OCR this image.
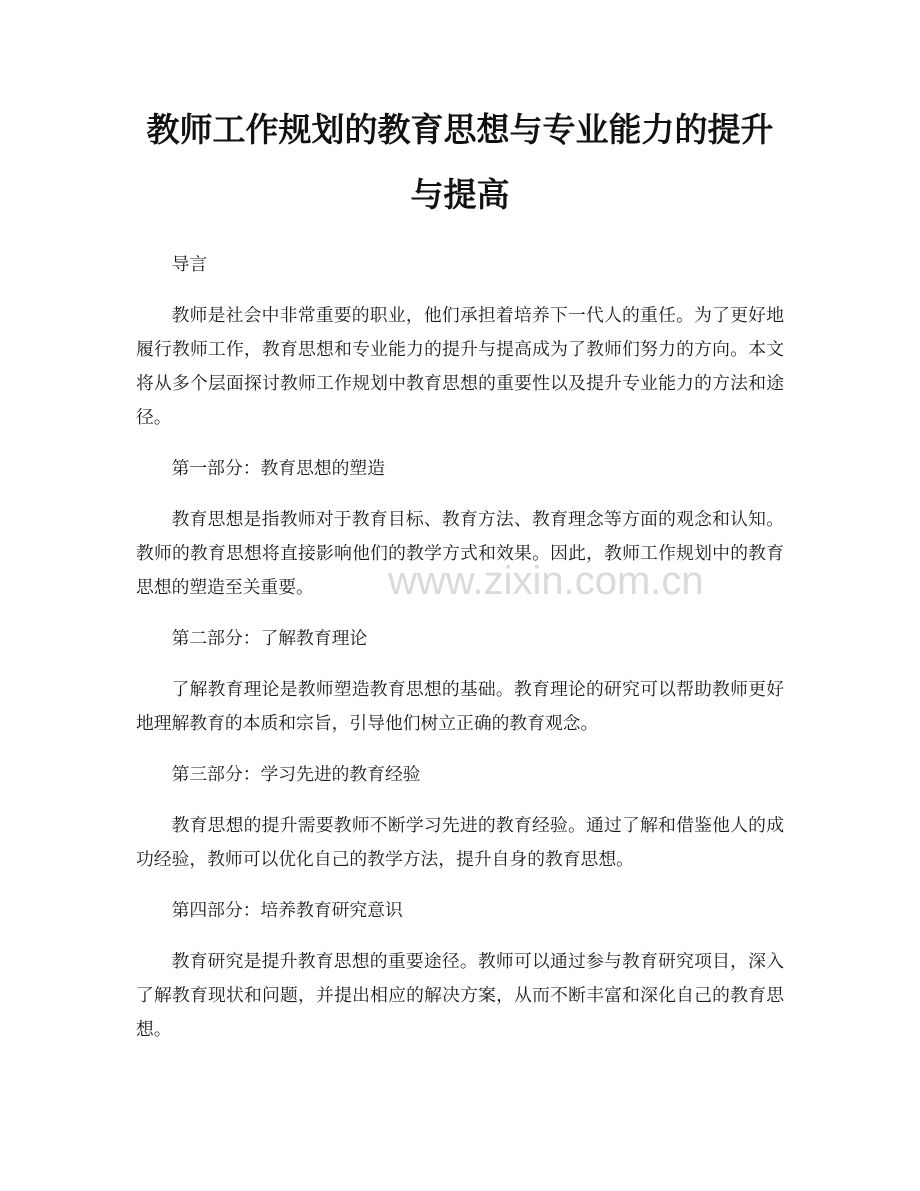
www.zixin.com.cn
教师工作规划的教育思想与专业能力的提升
与提高

导言

教师是社会中非常重要的职业，他们承担着培养下一代人的重任。为了更好地
履行教师工作，教育思想和专业能力的提升与提高成为了教师们努力的方向。本文
将从多个层面探讨教师工作规划中教育思想的重要性以及提升专业能力的方法和途
径。

第一部分：教育思想的塑造

教育思想是指教师对于教育目标、教育方法、教育理念等方面的观念和认知。
教师的教育思想将直接影响他们的教学方式和效果。因此，教师工作规划中的教育
思想的塑造至关重要。

第二部分：了解教育理论

了解教育理论是教师塑造教育思想的基础。教育理论的研究可以帮助教师更好
地理解教育的本质和宗旨，引导他们树立正确的教育观念。

第三部分：学习先进的教育经验

教育思想的提升需要教师不断学习先进的教育经验。通过了解和借鉴他人的成
功经验，教师可以优化自己的教学方法，提升自身的教育思想。

第四部分：培养教育研究意识

教育研究是提升教育思想的重要途径。教师可以通过参与教育研究项目，深入
了解教育现状和问题，并提出相应的解决方案，从而不断丰富和深化自己的教育思
想。
